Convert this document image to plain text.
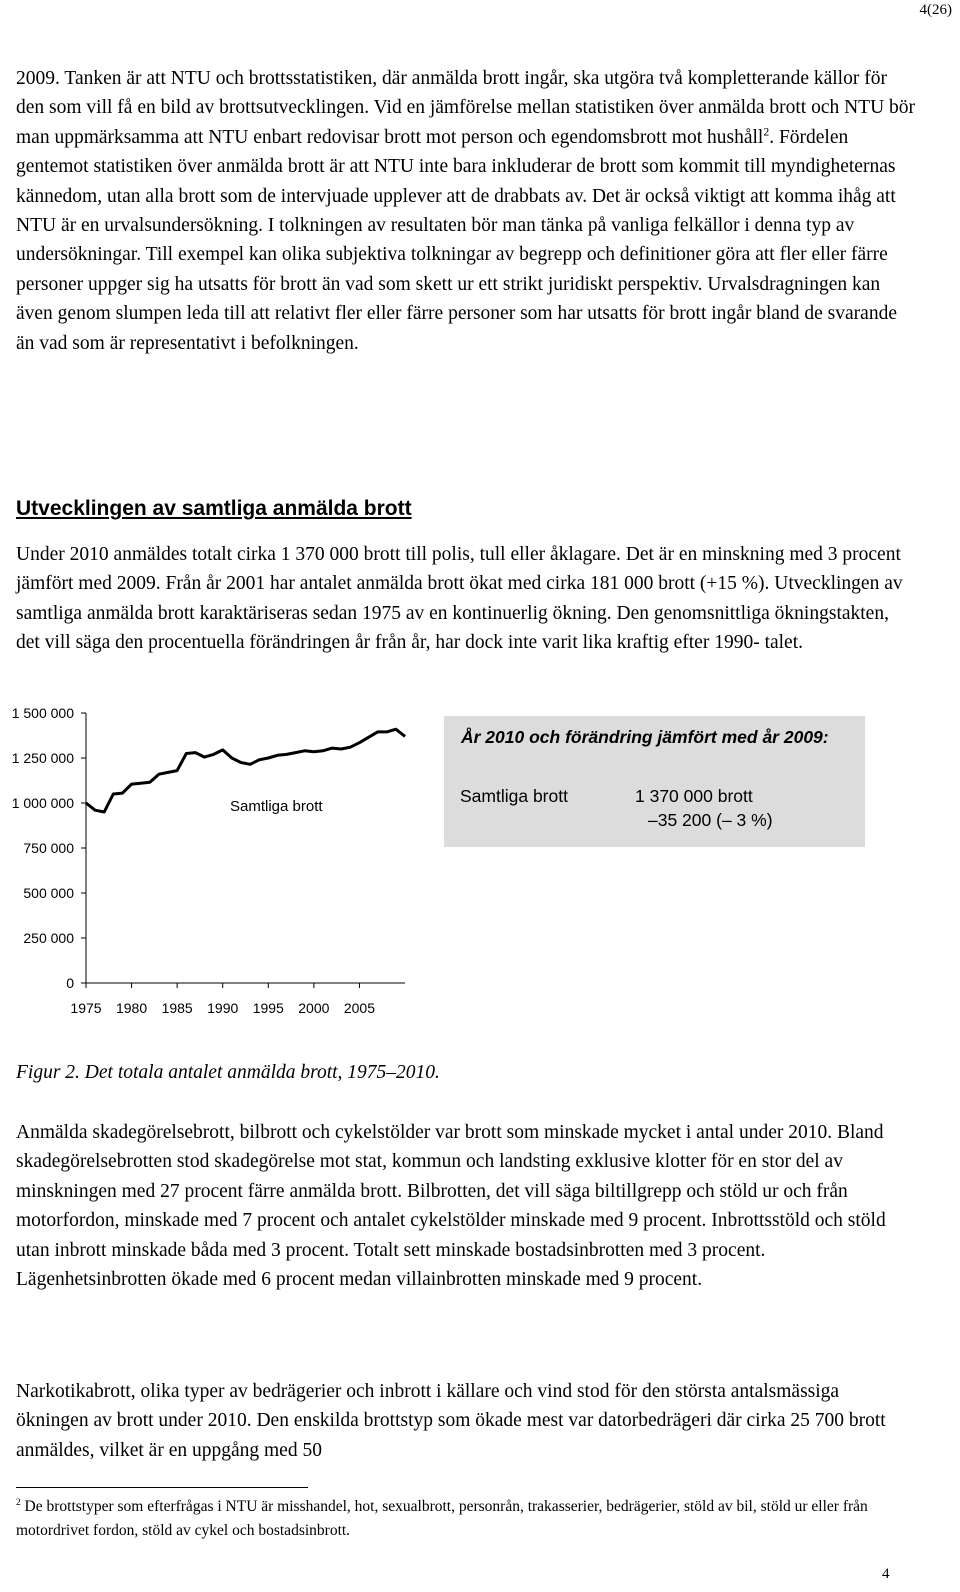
4(26)

2009. Tanken är att NTU och brottsstatistiken, där anmälda brott ingår, ska utgöra två kompletterande källor för den som vill få en bild av brottsutvecklingen. Vid en jämförelse mellan statistiken över anmälda brott och NTU bör man uppmärksamma att NTU enbart redovisar brott mot person och egendomsbrott mot hushåll$^2$. Fördelen gentemot statistiken över anmälda brott är att NTU inte bara inkluderar de brott som kommit till myndigheternas kännedom, utan alla brott som de intervjuade upplever att de drabbats av. Det är också viktigt att komma ihåg att NTU är en urvalsundersökning. I tolkningen av resultaten bör man tänka på vanliga felkällor i denna typ av undersökningar. Till exempel kan olika subjektiva tolkningar av begrepp och definitioner göra att fler eller färre personer uppger sig ha utsatts för brott än vad som skett ur ett strikt juridiskt perspektiv. Urvalsdragningen kan även genom slumpen leda till att relativt fler eller färre personer som har utsatts för brott ingår bland de svarande än vad som är representativt i befolkningen.

Utvecklingen av samtliga anmälda brott

Under 2010 anmäldes totalt cirka 1 370 000 brott till polis, tull eller åklagare. Det är en minskning med 3 procent jämfört med 2009. Från år 2001 har antalet anmälda brott ökat med cirka 181 000 brott (+15 %). Utvecklingen av samtliga anmälda brott karaktäriseras sedan 1975 av en kontinuerlig ökning. Den genomsnittliga ökningstakten, det vill säga den procentuella förändringen år från år, har dock inte varit lika kraftig efter 1990- talet.

1 500 000
1 250 000
1 000 000
750 000
500 000
250 000
0
1975 1980 1985 1990 1995 2000 2005
Samtliga brott

År 2010 och förändring jämfört med år 2009:

Samtliga brott	1 370 000 brott
–35 200 (– 3 %)

Figur 2. Det totala antalet anmälda brott, 1975–2010.

Anmälda skadegörelsebrott, bilbrott och cykelstölder var brott som minskade mycket i antal under 2010. Bland skadegörelsebrotten stod skadegörelse mot stat, kommun och landsting exklusive klotter för en stor del av minskningen med 27 procent färre anmälda brott. Bilbrotten, det vill säga biltillgrepp och stöld ur och från motorfordon, minskade med 7 procent och antalet cykelstölder minskade med 9 procent. Inbrottsstöld och stöld utan inbrott minskade båda med 3 procent. Totalt sett minskade bostadsinbrotten med 3 procent. Lägenhetsinbrotten ökade med 6 procent medan villainbrotten minskade med 9 procent.

Narkotikabrott, olika typer av bedrägerier och inbrott i källare och vind stod för den största antalsmässiga ökningen av brott under 2010. Den enskilda brottstyp som ökade mest var datorbedrägeri där cirka 25 700 brott anmäldes, vilket är en uppgång med 50

$^2$ De brottstyper som efterfrågas i NTU är misshandel, hot, sexualbrott, personrån, trakasserier, bedrägerier, stöld av bil, stöld ur eller från motordrivet fordon, stöld av cykel och bostadsinbrott.

4
